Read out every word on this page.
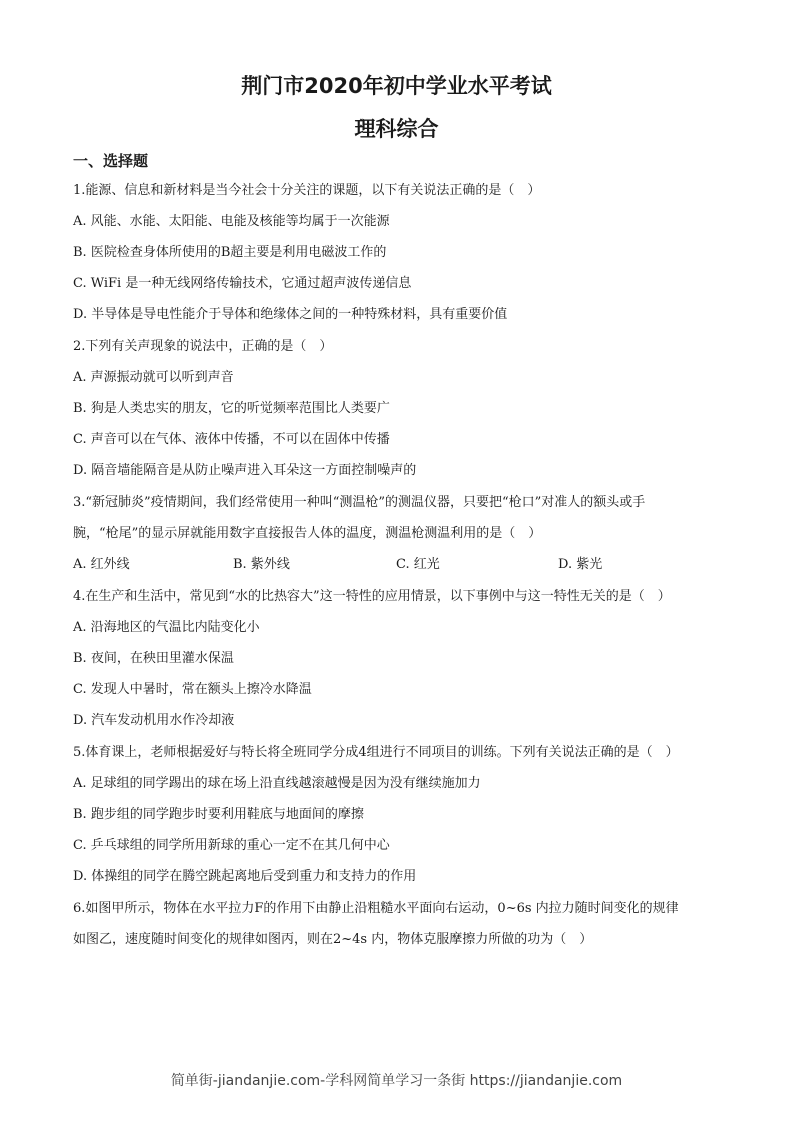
荆门市2020年初中学业水平考试
理科综合
一、选择题
1.能源、信息和新材料是当今社会十分关注的课题，以下有关说法正确的是（　）
A. 风能、水能、太阳能、电能及核能等均属于一次能源
B. 医院检查身体所使用的B超主要是利用电磁波工作的
C. WiFi 是一种无线网络传输技术，它通过超声波传递信息
D. 半导体是导电性能介于导体和绝缘体之间的一种特殊材料，具有重要价值
2.下列有关声现象的说法中，正确的是（　）
A. 声源振动就可以听到声音
B. 狗是人类忠实的朋友，它的听觉频率范围比人类要广
C. 声音可以在气体、液体中传播，不可以在固体中传播
D. 隔音墙能隔音是从防止噪声进入耳朵这一方面控制噪声的
3.“新冠肺炎”疫情期间，我们经常使用一种叫“测温枪”的测温仪器，只要把“枪口”对准人的额头或手
腕，“枪尾”的显示屏就能用数字直接报告人体的温度，测温枪测温利用的是（　）
A. 红外线	B. 紫外线	C. 红光	D. 紫光
4.在生产和生活中，常见到“水的比热容大”这一特性的应用情景，以下事例中与这一特性无关的是（　）
A. 沿海地区的气温比内陆变化小
B. 夜间，在秧田里灌水保温
C. 发现人中暑时，常在额头上擦冷水降温
D. 汽车发动机用水作冷却液
5.体育课上，老师根据爱好与特长将全班同学分成4组进行不同项目的训练。下列有关说法正确的是（　）
A. 足球组的同学踢出的球在场上沿直线越滚越慢是因为没有继续施加力
B. 跑步组的同学跑步时要利用鞋底与地面间的摩擦
C. 乒乓球组的同学所用新球的重心一定不在其几何中心
D. 体操组的同学在腾空跳起离地后受到重力和支持力的作用
6.如图甲所示，物体在水平拉力F的作用下由静止沿粗糙水平面向右运动，0~6s 内拉力随时间变化的规律
如图乙，速度随时间变化的规律如图丙，则在2~4s 内，物体克服摩擦力所做的功为（　）
简单街-jiandanjie.com-学科网简单学习一条街 https://jiandanjie.com
